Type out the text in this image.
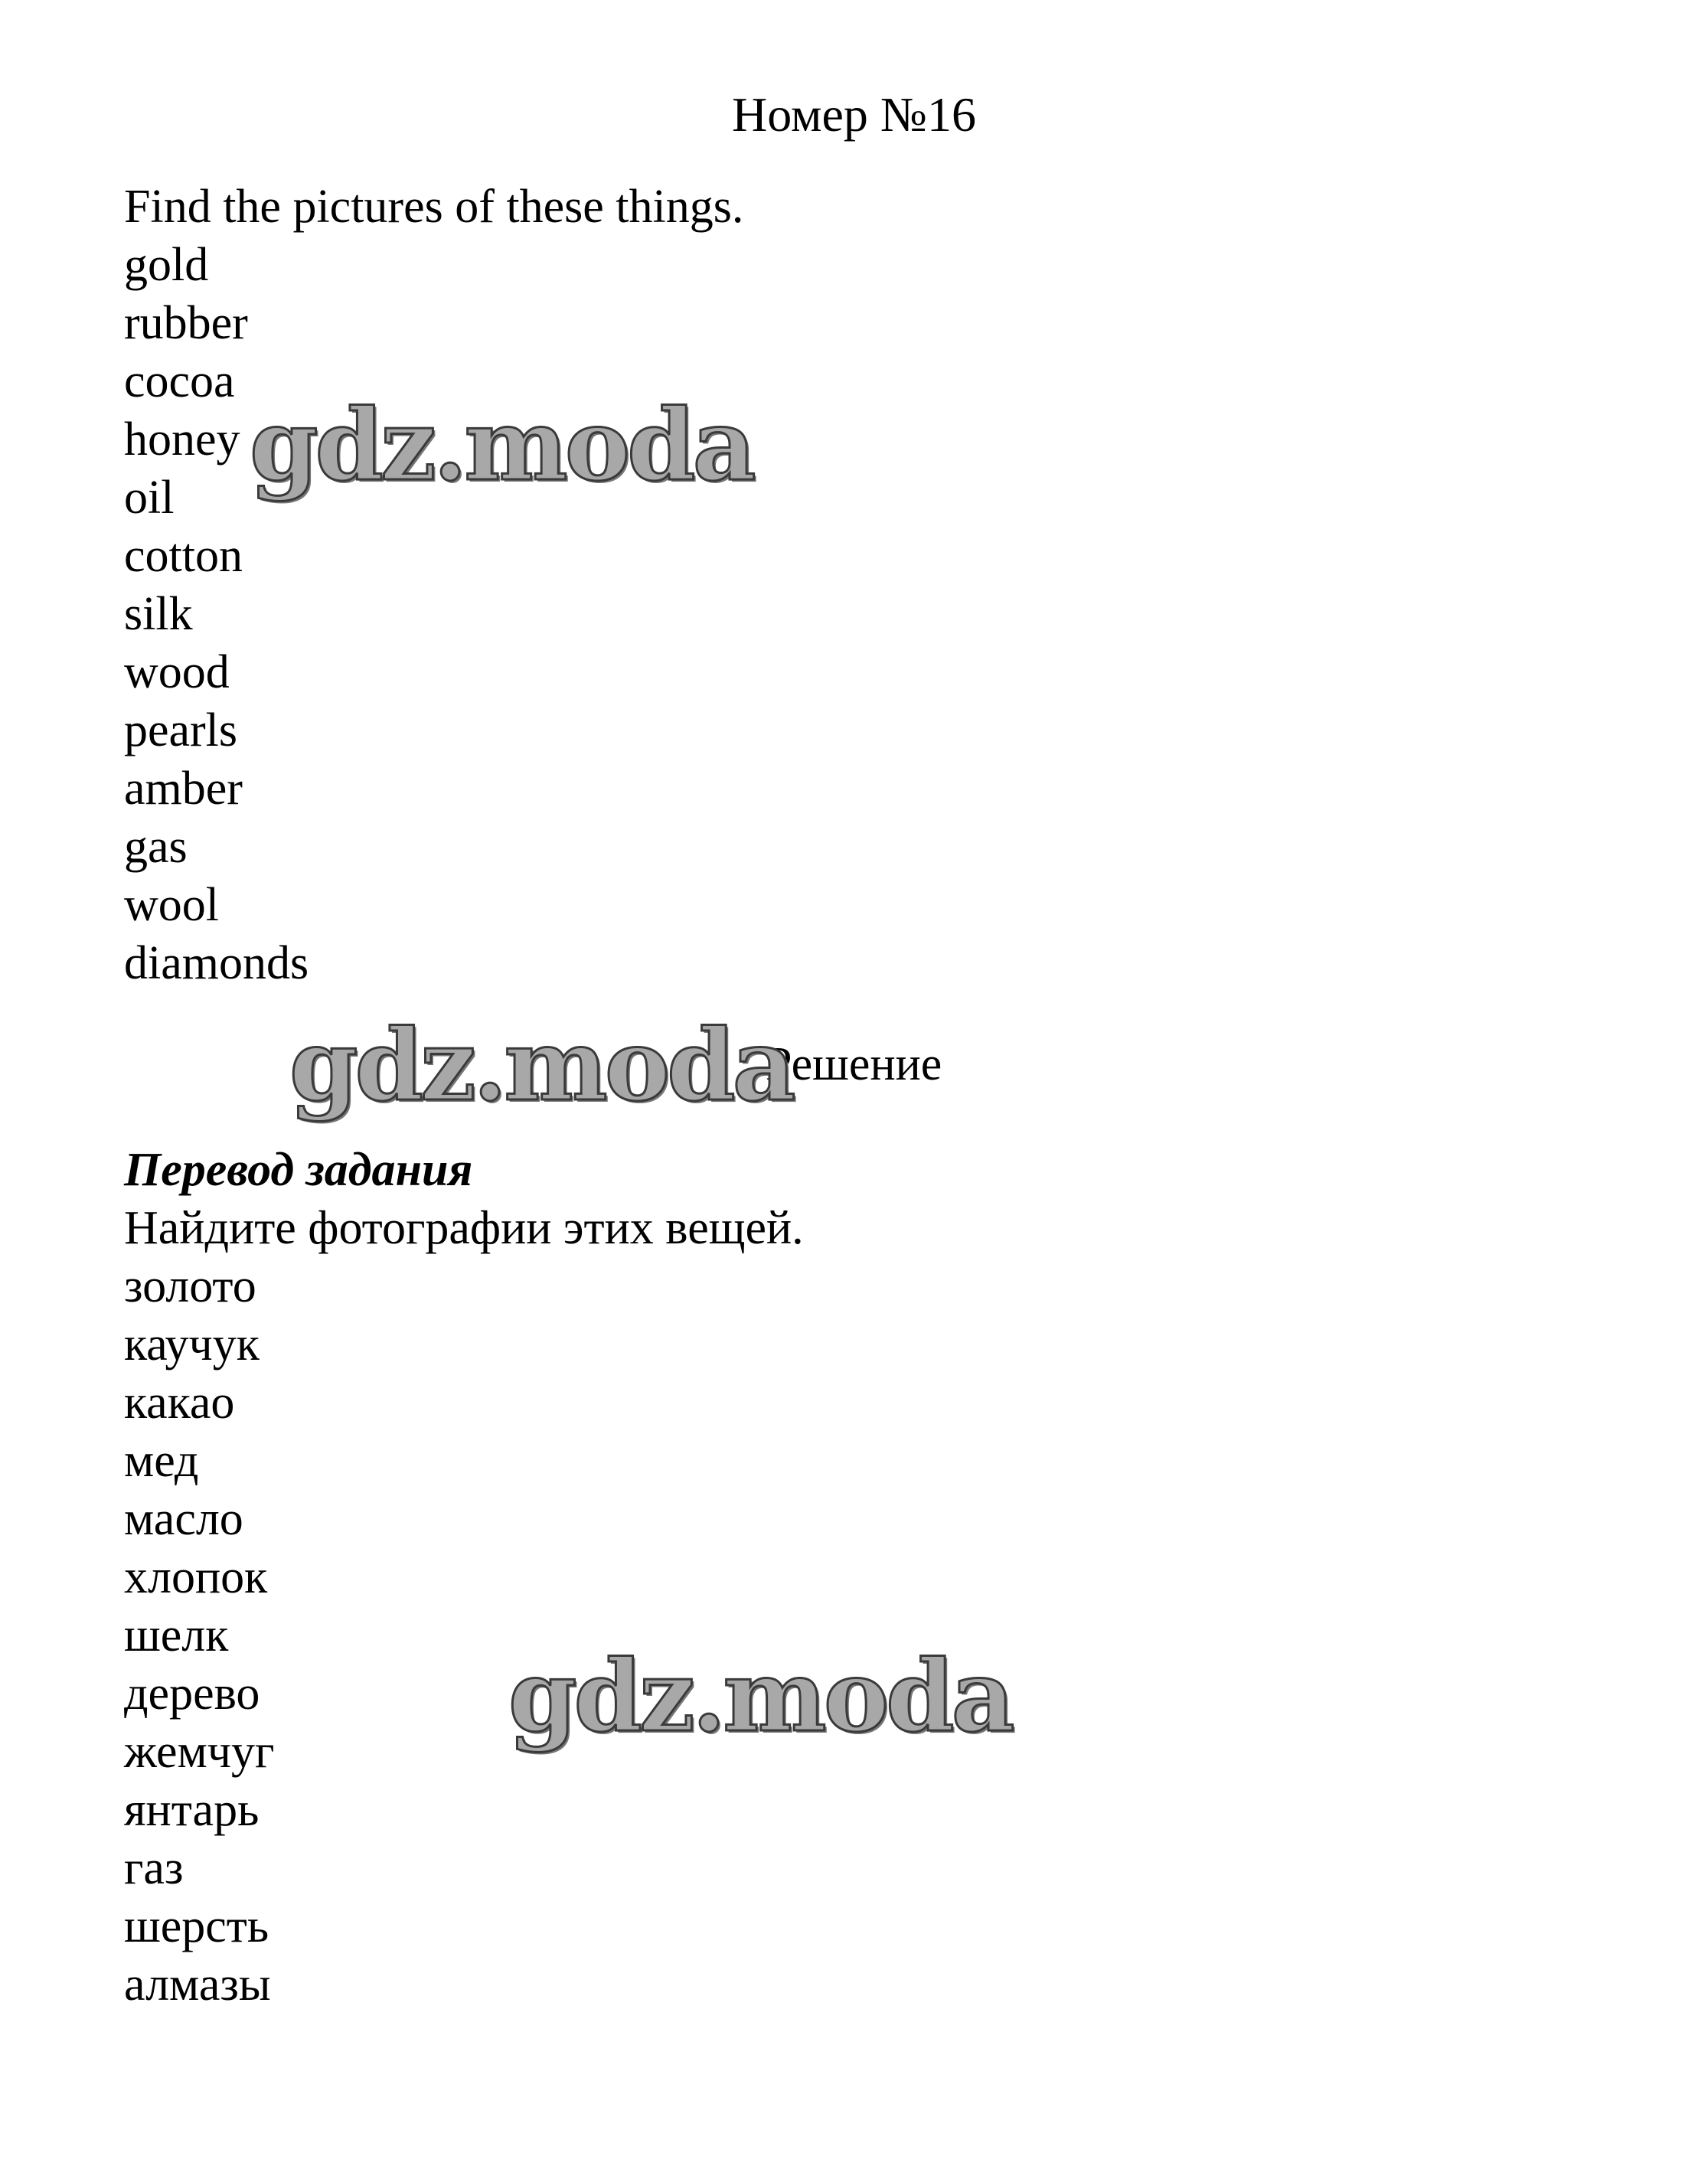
Номер №16
Find the pictures of these things.
gold
rubber
cocoa
honey
oil
cotton
silk
wood
pearls
amber
gas
wool
diamonds
Решение
Перевод задания
Найдите фотографии этих вещей.
золото
каучук
какао
мед
масло
хлопок
шелк
дерево
жемчуг
янтарь
газ
шерсть
алмазы
gdz.moda
gdz.moda
gdz.moda
